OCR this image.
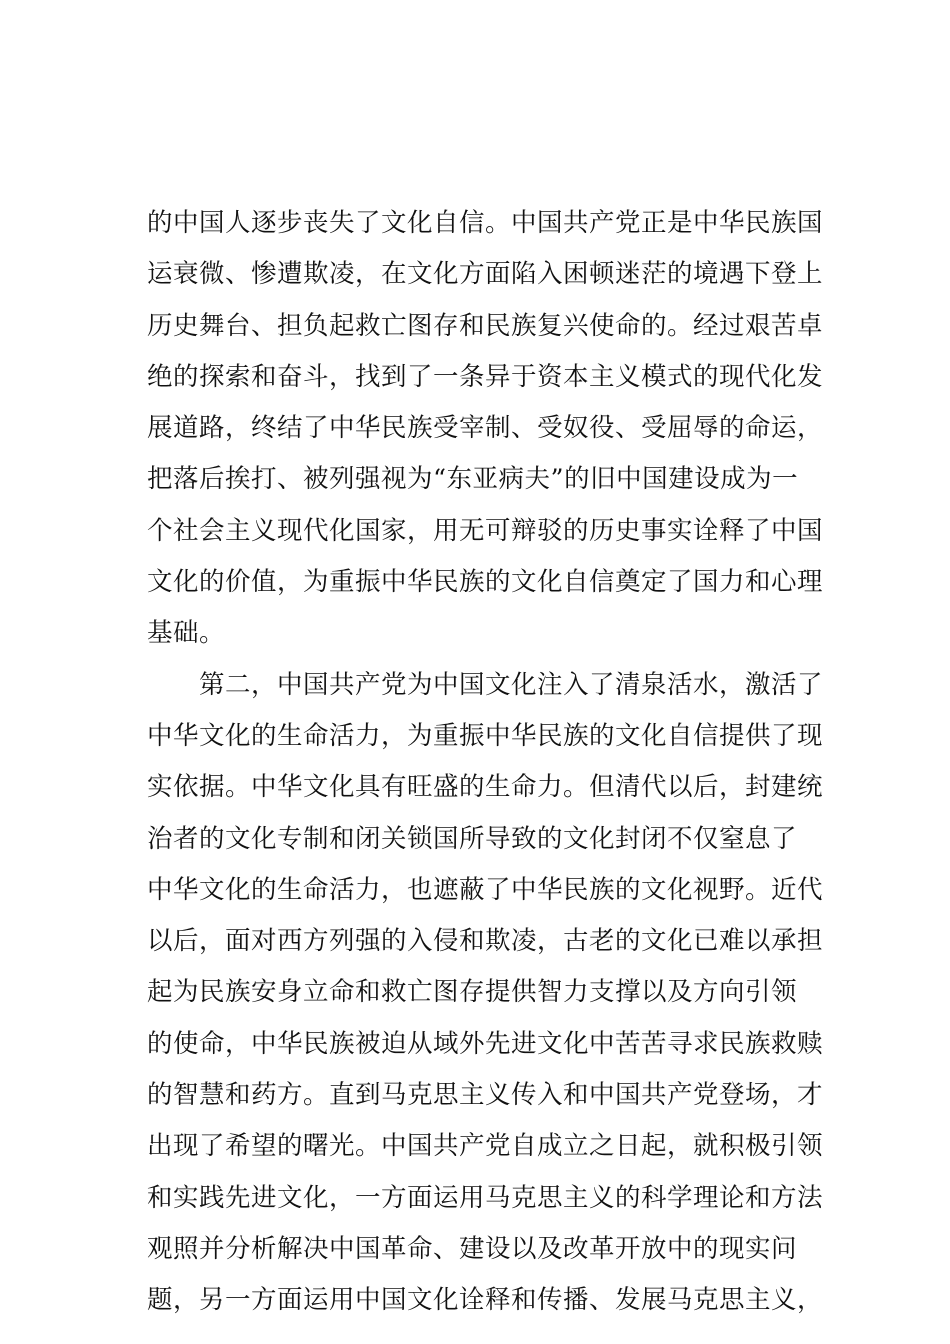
的中国人逐步丧失了文化自信。中国共产党正是中华民族国
运衰微、惨遭欺凌，在文化方面陷入困顿迷茫的境遇下登上
历史舞台、担负起救亡图存和民族复兴使命的。经过艰苦卓
绝的探索和奋斗，找到了一条异于资本主义模式的现代化发
展道路，终结了中华民族受宰制、受奴役、受屈辱的命运，
把落后挨打、被列强视为“东亚病夫”的旧中国建设成为一
个社会主义现代化国家，用无可辩驳的历史事实诠释了中国
文化的价值，为重振中华民族的文化自信奠定了国力和心理
基础。
第二，中国共产党为中国文化注入了清泉活水，激活了
中华文化的生命活力，为重振中华民族的文化自信提供了现
实依据。中华文化具有旺盛的生命力。但清代以后，封建统
治者的文化专制和闭关锁国所导致的文化封闭不仅窒息了
中华文化的生命活力，也遮蔽了中华民族的文化视野。近代
以后，面对西方列强的入侵和欺凌，古老的文化已难以承担
起为民族安身立命和救亡图存提供智力支撑以及方向引领
的使命，中华民族被迫从域外先进文化中苦苦寻求民族救赎
的智慧和药方。直到马克思主义传入和中国共产党登场，才
出现了希望的曙光。中国共产党自成立之日起，就积极引领
和实践先进文化，一方面运用马克思主义的科学理论和方法
观照并分析解决中国革命、建设以及改革开放中的现实问
题，另一方面运用中国文化诠释和传播、发展马克思主义，
